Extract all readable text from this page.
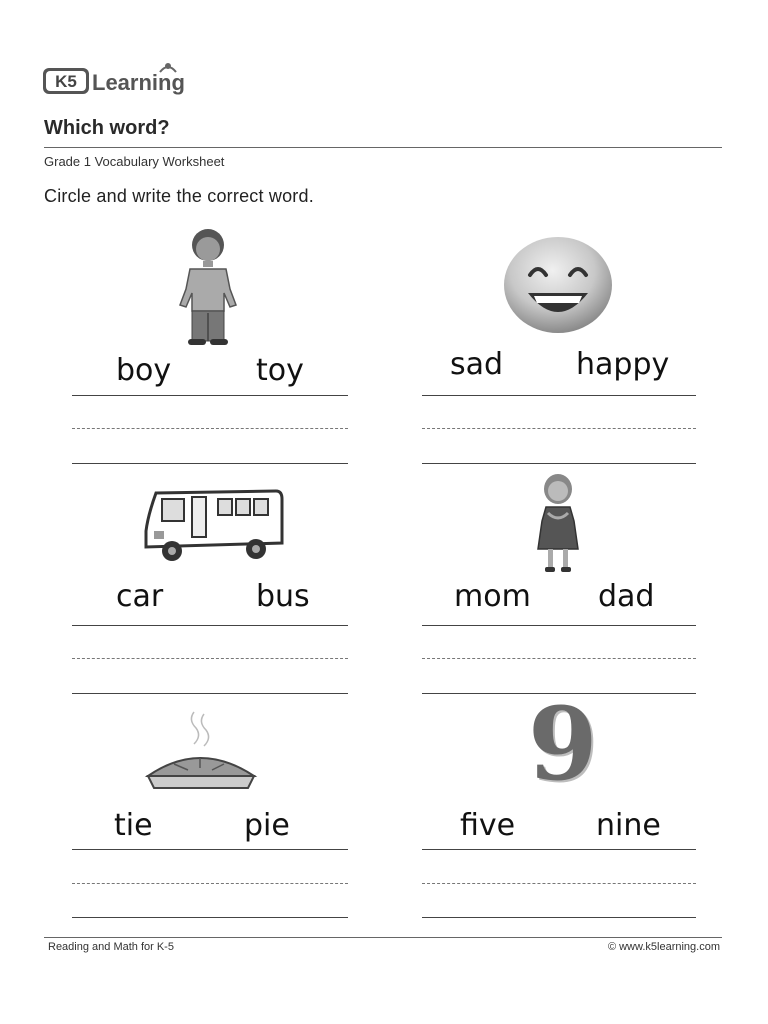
K5 Learning
Which word?
Grade 1 Vocabulary Worksheet
Circle and write the correct word.
boy	toy	sad happy
car	bus	mom dad
tie	pie
9
five	nine
Reading and Math for K-5	© www.k5learning.com
